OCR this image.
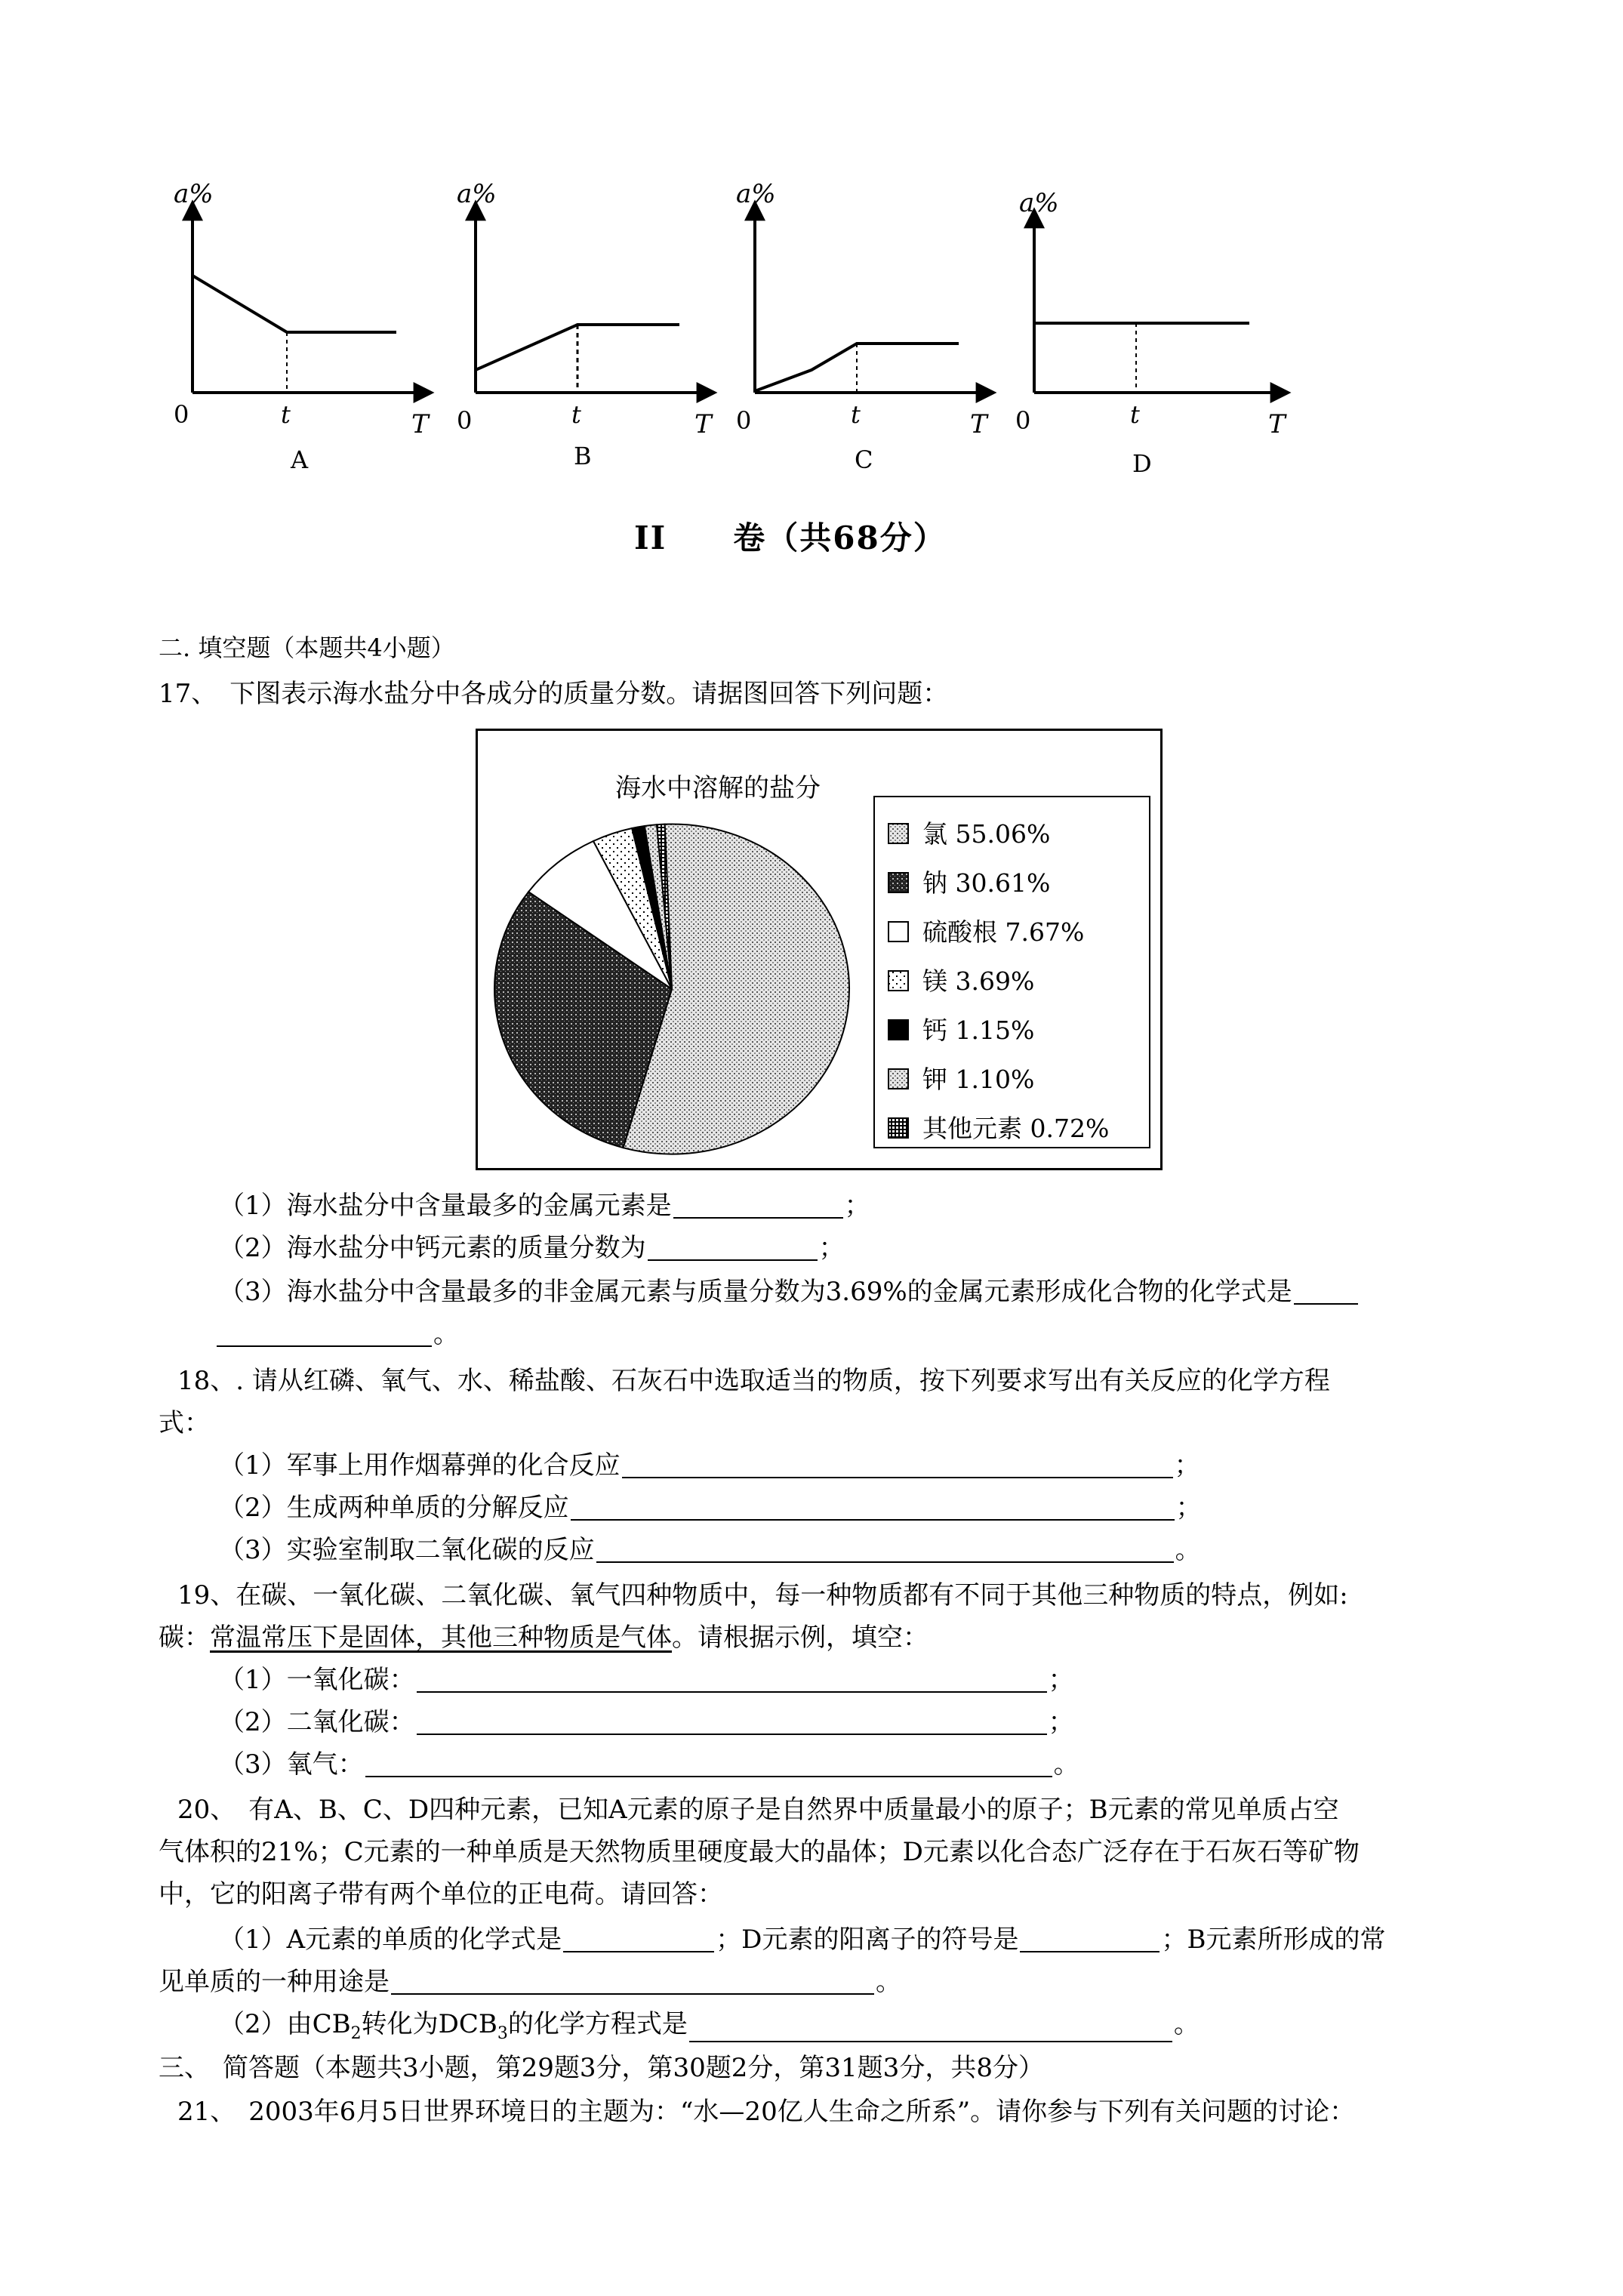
a%
0	t	T
A
a%
0	t	T
B
a%
0	t	T
C
a%
0	t	T
D
II　　卷（共68分）
二. 填空题（本题共4小题）
17、　下图表示海水盐分中各成分的质量分数。请据图回答下列问题：
海水中溶解的盐分
氯 55.06%
钠 30.61%
硫酸根 7.67%
镁 3.69%
钙 1.15%
钾 1.10%
其他元素 0.72%
（1）海水盐分中含量最多的金属元素是	；
（2）海水盐分中钙元素的质量分数为	；
（3）海水盐分中含量最多的非金属元素与质量分数为3.69%的金属元素形成化合物的化学式是
。
18、. 请从红磷、氧气、水、稀盐酸、石灰石中选取适当的物质，按下列要求写出有关反应的化学方程
式：
（1）军事上用作烟幕弹的化合反应	；
（2）生成两种单质的分解反应	；
（3）实验室制取二氧化碳的反应	。
19、在碳、一氧化碳、二氧化碳、氧气四种物质中，每一种物质都有不同于其他三种物质的特点，例如:
碳：常温常压下是固体，其他三种物质是气体。请根据示例，填空：
（1）一氧化碳：	；
（2）二氧化碳：	；
（3）氧气：	。
20、　有A、B、C、D四种元素，已知A元素的原子是自然界中质量最小的原子；B元素的常见单质占空
气体积的21%；C元素的一种单质是天然物质里硬度最大的晶体；D元素以化合态广泛存在于石灰石等矿物
中，它的阳离子带有两个单位的正电荷。请回答：
（1）A元素的单质的化学式是	；D元素的阳离子的符号是	；B元素所形成的常
见单质的一种用途是	。
（2）由$CB_2$转化为$DCB_3$的化学方程式是	。
三、　简答题（本题共3小题，第29题3分，第30题2分，第31题3分，共8分）
21、　2003年6月5日世界环境日的主题为：“水—20亿人生命之所系”。请你参与下列有关问题的讨论：
